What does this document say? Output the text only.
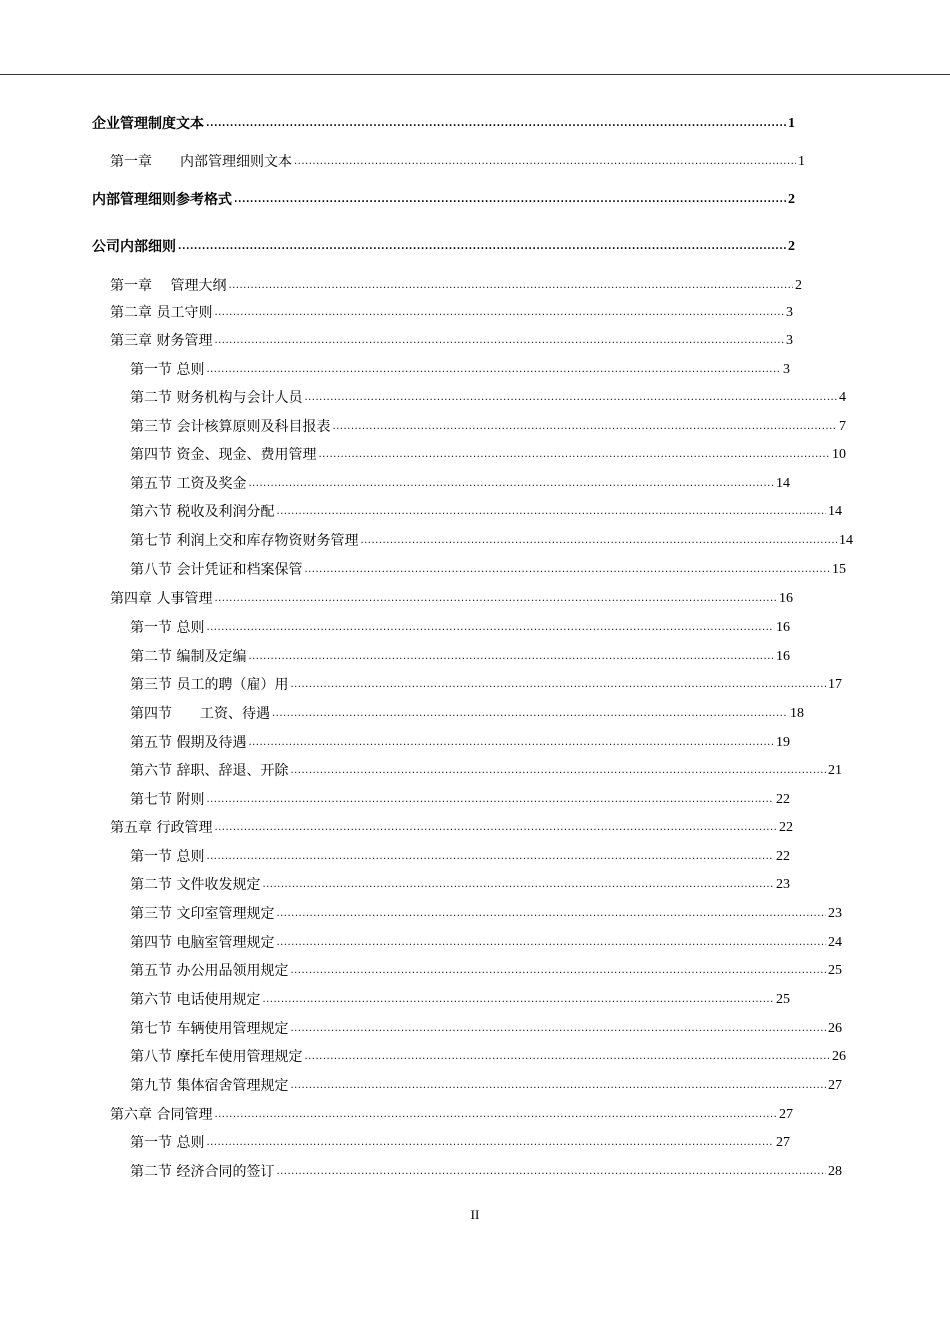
企业管理制度文本 .....	1
第一章　　内部管理细则文本 .....	1
内部管理细则参考格式 .....	2
公司内部细则 .....	2
第一章　 管理大纲 .....	2
第二章 员工守则 .....	3
第三章 财务管理 .....	3
第一节 总则 .....	3
第二节 财务机构与会计人员 .....	4
第三节 会计核算原则及科目报表 .....	7
第四节 资金、现金、费用管理 .....	10
第五节 工资及奖金 .....	14
第六节 税收及利润分配 .....	14
第七节 利润上交和库存物资财务管理 .....	14
第八节 会计凭证和档案保管 .....	15
第四章 人事管理 .....	16
第一节 总则 .....	16
第二节 编制及定编 .....	16
第三节 员工的聘（雇）用 .....	17
第四节　　工资、待遇 .....	18
第五节 假期及待遇 .....	19
第六节 辞职、辞退、开除 .....	21
第七节 附则 .....	22
第五章 行政管理 .....	22
第一节 总则 .....	22
第二节 文件收发规定 .....	23
第三节 文印室管理规定 .....	23
第四节 电脑室管理规定 .....	24
第五节 办公用品领用规定 .....	25
第六节 电话使用规定 .....	25
第七节 车辆使用管理规定 .....	26
第八节 摩托车使用管理规定 .....	26
第九节 集体宿舍管理规定 .....	27
第六章 合同管理 .....	27
第一节 总则 .....	27
第二节 经济合同的签订 .....	28
II
